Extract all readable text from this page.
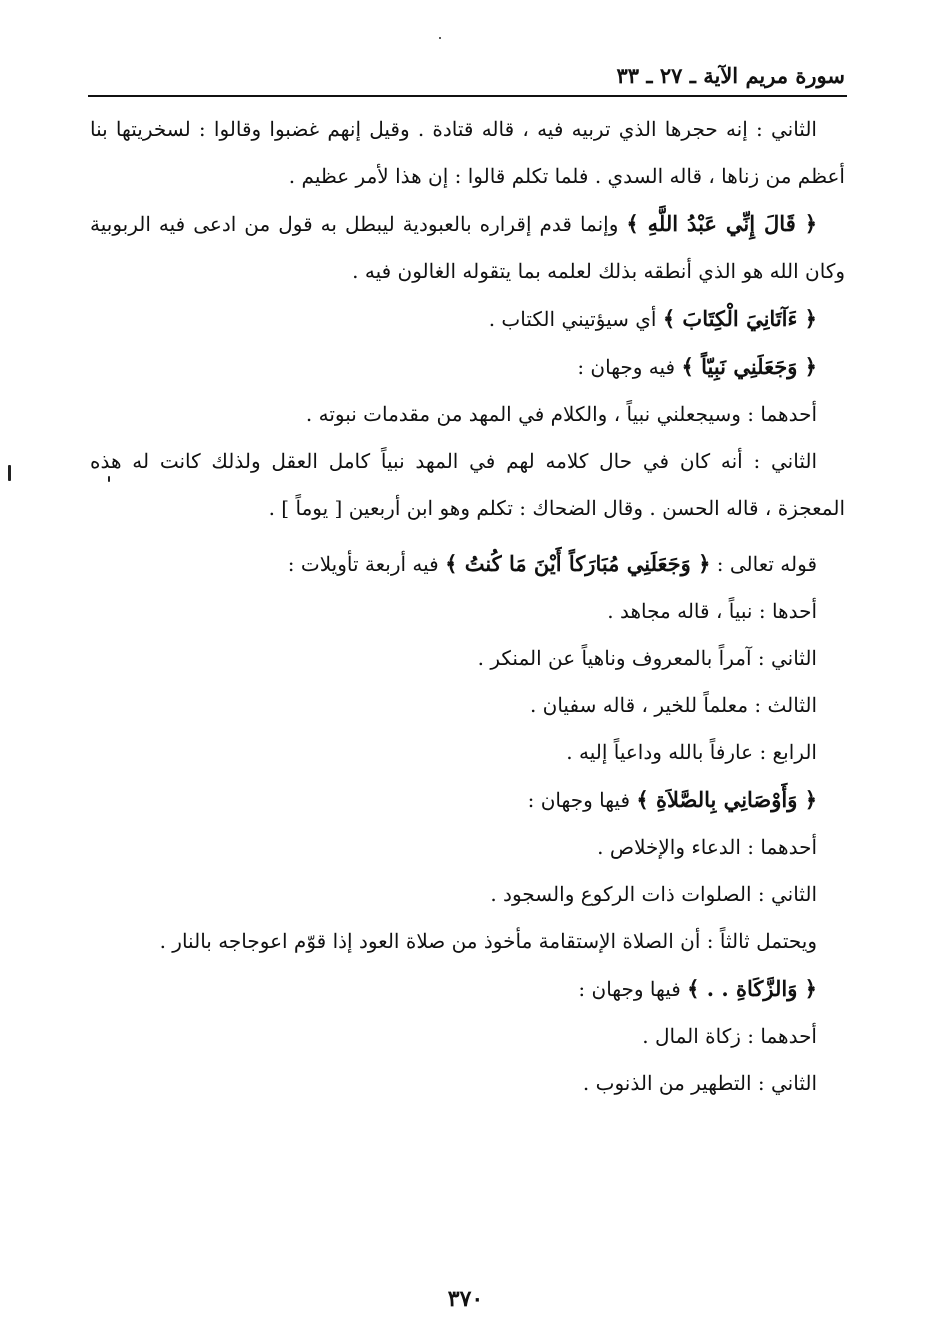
سورة مريم الآية ـ ٢٧ ـ ٣٣

الثاني : إنه حجرها الذي تربيه فيه ، قاله قتادة . وقيل إنهم غضبوا وقالوا : لسخريتها بنا أعظم من زناها ، قاله السدي . فلما تكلم قالوا : إن هذا لأمر عظيم .

﴿ قَالَ إِنِّي عَبْدُ اللَّهِ ﴾ وإنما قدم إقراره بالعبودية ليبطل به قول من ادعى فيه الربوبية وكان الله هو الذي أنطقه بذلك لعلمه بما يتقوله الغالون فيه .

﴿ ءَآتَانِيَ الْكِتَابَ ﴾ أي سيؤتيني الكتاب .

﴿ وَجَعَلَنِي نَبِيّاً ﴾ فيه وجهان :

أحدهما : وسيجعلني نبياً ، والكلام في المهد من مقدمات نبوته .

الثاني : أنه كان في حال كلامه لهم في المهد نبياً كامل العقل ولذلك كانت له هذه المعجزة ، قاله الحسن . وقال الضحاك : تكلم وهو ابن أربعين [ يوماً ] .

قوله تعالى : ﴿ وَجَعَلَنِي مُبَارَكاً أَيْنَ مَا كُنتُ ﴾ فيه أربعة تأويلات :

أحدها : نبياً ، قاله مجاهد .

الثاني : آمراً بالمعروف وناهياً عن المنكر .

الثالث : معلماً للخير ، قاله سفيان .

الرابع : عارفاً بالله وداعياً إليه .

﴿ وَأَوْصَانِي بِالصَّلاَةِ ﴾ فيها وجهان :

أحدهما : الدعاء والإخلاص .

الثاني : الصلوات ذات الركوع والسجود .

ويحتمل ثالثاً : أن الصلاة الإستقامة مأخوذ من صلاة العود إذا قوّم اعوجاجه بالنار .

﴿ وَالزَّكَاةِ . . ﴾ فيها وجهان :

أحدهما : زكاة المال .

الثاني : التطهير من الذنوب .

٣٧٠
